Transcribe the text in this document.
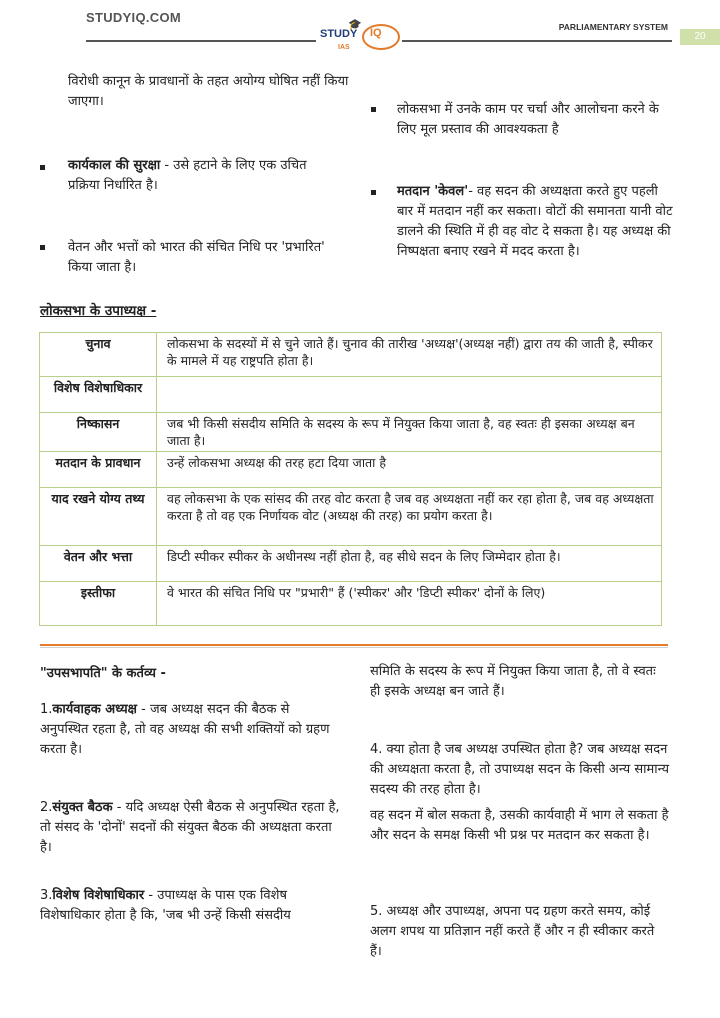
STUDYIQ.COM	🎓
STUDY IQ
IAS
PARLIAMENTARY SYSTEM
20
विरोधी कानून के प्रावधानों के तहत अयोग्य घोषित नहीं किया जाएगा।
कार्यकाल की सुरक्षा - उसे हटाने के लिए एक उचित प्रक्रिया निर्धारित है।
वेतन और भत्तों को भारत की संचित निधि पर 'प्रभारित' किया जाता है।
लोकसभा में उनके काम पर चर्चा और आलोचना करने के लिए मूल प्रस्ताव की आवश्यकता है
मतदान 'केवल'- वह सदन की अध्यक्षता करते हुए पहली बार में मतदान नहीं कर सकता। वोटों की समानता यानी वोट डालने की स्थिति में ही वह वोट दे सकता है। यह अध्यक्ष की निष्पक्षता बनाए रखने में मदद करता है।
लोकसभा के उपाध्यक्ष -
चुनाव	लोकसभा के सदस्यों में से चुने जाते हैं। चुनाव की तारीख 'अध्यक्ष'(अध्यक्ष नहीं) द्वारा तय की जाती है, स्पीकर के मामले में यह राष्ट्रपति होता है।
विशेष विशेषाधिकार	
निष्कासन	जब भी किसी संसदीय समिति के सदस्य के रूप में नियुक्त किया जाता है, वह स्वतः ही इसका अध्यक्ष बन जाता है।
मतदान के प्रावधान	उन्हें लोकसभा अध्यक्ष की तरह हटा दिया जाता है
याद रखने योग्य तथ्य	वह लोकसभा के एक सांसद की तरह वोट करता है जब वह अध्यक्षता नहीं कर रहा होता है, जब वह अध्यक्षता करता है तो वह एक निर्णायक वोट (अध्यक्ष की तरह) का प्रयोग करता है।
वेतन और भत्ता	डिप्टी स्पीकर स्पीकर के अधीनस्थ नहीं होता है, वह सीधे सदन के लिए जिम्मेदार होता है।
इस्तीफा	वे भारत की संचित निधि पर "प्रभारी" हैं ('स्पीकर' और 'डिप्टी स्पीकर' दोनों के लिए)
"उपसभापति" के कर्तव्य -
1.कार्यवाहक अध्यक्ष - जब अध्यक्ष सदन की बैठक से अनुपस्थित रहता है, तो वह अध्यक्ष की सभी शक्तियों को ग्रहण करता है।
2.संयुक्त बैठक - यदि अध्यक्ष ऐसी बैठक से अनुपस्थित रहता है, तो संसद के 'दोनों' सदनों की संयुक्त बैठक की अध्यक्षता करता है।
3.विशेष विशेषाधिकार - उपाध्यक्ष के पास एक विशेष विशेषाधिकार होता है कि, 'जब भी उन्हें किसी संसदीय
समिति के सदस्य के रूप में नियुक्त किया जाता है, तो वे स्वतः ही इसके अध्यक्ष बन जाते हैं।
4. क्या होता है जब अध्यक्ष उपस्थित होता है? जब अध्यक्ष सदन की अध्यक्षता करता है, तो उपाध्यक्ष सदन के किसी अन्य सामान्य सदस्य की तरह होता है।
वह सदन में बोल सकता है, उसकी कार्यवाही में भाग ले सकता है और सदन के समक्ष किसी भी प्रश्न पर मतदान कर सकता है।
5. अध्यक्ष और उपाध्यक्ष, अपना पद ग्रहण करते समय, कोई अलग शपथ या प्रतिज्ञान नहीं करते हैं और न ही स्वीकार करते हैं।
